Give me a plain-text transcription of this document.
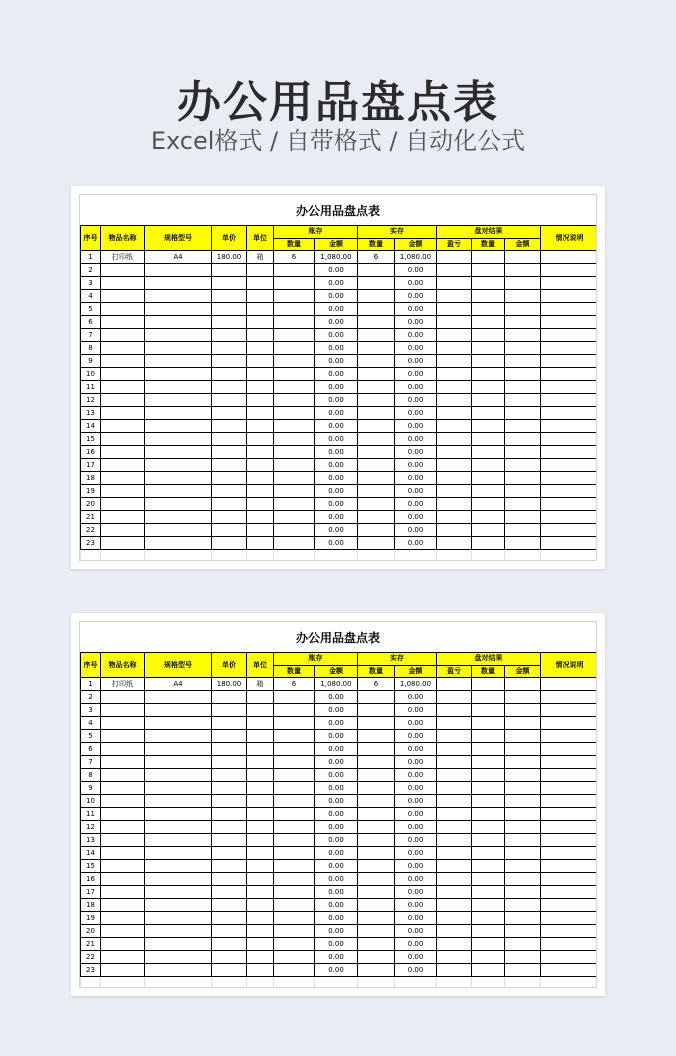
办公用品盘点表
Excel格式 / 自带格式 / 自动化公式
办公用品盘点表
序号	物品名称	规格型号	单价	单位	账存		实存		盘对结果			情况说明
					数量	金额	数量	金额	盈亏	数量	金额	
1	打印纸	A4	180.00	箱	6	1,080.00	6	1,080.00				
2						0.00		0.00				
3						0.00		0.00				
4						0.00		0.00				
5						0.00		0.00				
6						0.00		0.00				
7						0.00		0.00				
8						0.00		0.00				
9						0.00		0.00				
10						0.00		0.00				
11						0.00		0.00				
12						0.00		0.00				
13						0.00		0.00				
14						0.00		0.00				
15						0.00		0.00				
16						0.00		0.00				
17						0.00		0.00				
18						0.00		0.00				
19						0.00		0.00				
20						0.00		0.00				
21						0.00		0.00				
22						0.00		0.00				
23						0.00		0.00				

办公用品盘点表
序号	物品名称	规格型号	单价	单位	账存		实存		盘对结果			情况说明
					数量	金额	数量	金额	盈亏	数量	金额	
1	打印纸	A4	180.00	箱	6	1,080.00	6	1,080.00				
2						0.00		0.00				
3						0.00		0.00				
4						0.00		0.00				
5						0.00		0.00				
6						0.00		0.00				
7						0.00		0.00				
8						0.00		0.00				
9						0.00		0.00				
10						0.00		0.00				
11						0.00		0.00				
12						0.00		0.00				
13						0.00		0.00				
14						0.00		0.00				
15						0.00		0.00				
16						0.00		0.00				
17						0.00		0.00				
18						0.00		0.00				
19						0.00		0.00				
20						0.00		0.00				
21						0.00		0.00				
22						0.00		0.00				
23						0.00		0.00				
